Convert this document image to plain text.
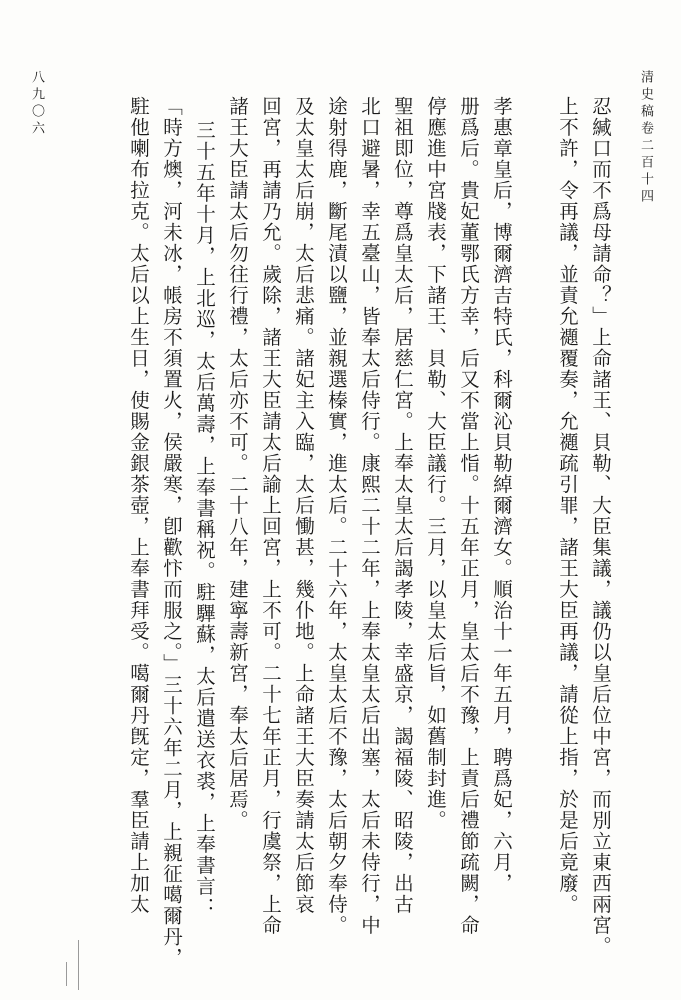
清史稿卷二百十四
八九〇六	忍緘口而不爲母請命？」上命諸王、貝勒、大臣集議，議仍以皇后位中宮，而別立東西兩宮。
上不許，令再議，並責允禵覆奏，允禵疏引罪，諸王大臣再議，請從上指，於是后竟廢。
孝惠章皇后，博爾濟吉特氏，科爾沁貝勒綽爾濟女。順治十一年五月，聘爲妃，六月，
册爲后。貴妃董鄂氏方幸，后又不當上恉。十五年正月，皇太后不豫，上責后禮節疏闕，命
停應進中宮牋表，下諸王、貝勒、大臣議行。三月，以皇太后旨，如舊制封進。
聖祖即位，尊爲皇太后，居慈仁宮。上奉太皇太后謁孝陵，幸盛京，謁福陵、昭陵，出古
北口避暑，幸五臺山，皆奉太后侍行。康熙二十二年，上奉太皇太后出塞，太后未侍行，中
途射得鹿，斷尾漬以鹽，並親選榛實，進太后。二十六年，太皇太后不豫，太后朝夕奉侍。
及太皇太后崩，太后悲痛。諸妃主入臨，太后慟甚，幾仆地。上命諸王大臣奏請太后節哀
回宮，再請乃允。歲除，諸王大臣請太后諭上回宮，上不可。二十七年正月，行虞祭，上命
諸王大臣請太后勿往行禮，太后亦不可。二十八年，建寧壽新宮，奉太后居焉。
三十五年十月，上北巡，太后萬壽，上奉書稱祝。駐驆蘇，太后遣送衣裘，上奉書言：
「時方燠，河未冰，帳房不須置火，侯嚴寒，卽歡忭而服之。」三十六年二月，上親征噶爾丹，
駐他喇布拉克。太后以上生日，使賜金銀茶壺，上奉書拜受。噶爾丹旣定，羣臣請上加太
